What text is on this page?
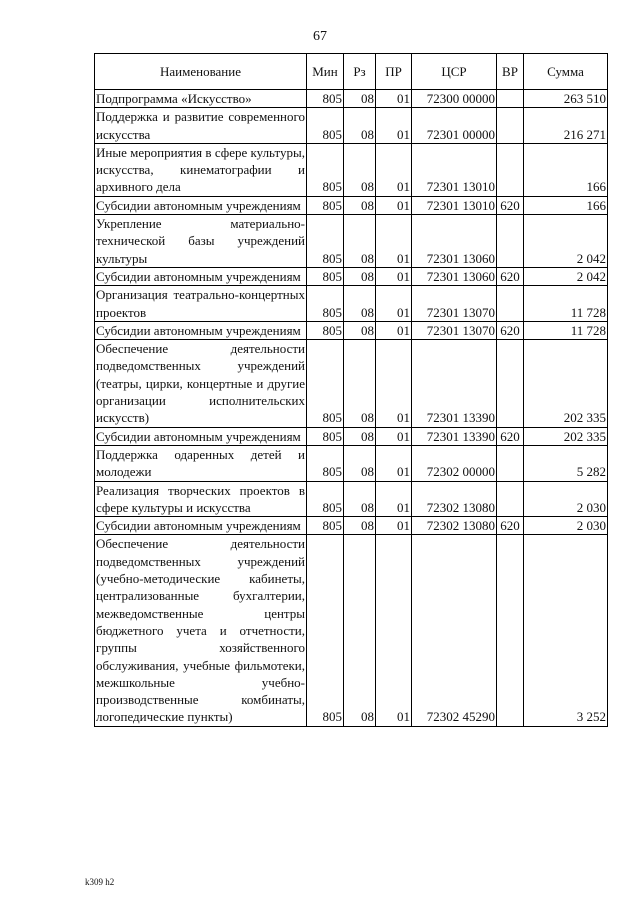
67
Наименование	Мин	Рз	ПР	ЦСР	ВР	Сумма
Подпрограмма «Искусство»	805	08	01	72300 00000		263 510
Поддержка и развитие современного искусства	805	08	01	72301 00000		216 271
Иные мероприятия в сфере культуры, искусства, кинематографии и архивного дела	805	08	01	72301 13010		166
Субсидии автономным учреждениям	805	08	01	72301 13010	620	166
Укрепление материально-технической базы учреждений культуры	805	08	01	72301 13060		2 042
Субсидии автономным учреждениям	805	08	01	72301 13060	620	2 042
Организация театрально-концертных проектов	805	08	01	72301 13070		11 728
Субсидии автономным учреждениям	805	08	01	72301 13070	620	11 728
Обеспечение деятельности подведомственных учреждений (театры, цирки, концертные и другие организации исполнительских искусств)	805	08	01	72301 13390		202 335
Субсидии автономным учреждениям	805	08	01	72301 13390	620	202 335
Поддержка одаренных детей и молодежи	805	08	01	72302 00000		5 282
Реализация творческих проектов в сфере культуры и искусства	805	08	01	72302 13080		2 030
Субсидии автономным учреждениям	805	08	01	72302 13080	620	2 030
Обеспечение деятельности подведомственных учреждений (учебно-методические кабинеты, централизованные бухгалтерии, межведомственные центры бюджетного учета и отчетности, группы хозяйственного обслуживания, учебные фильмотеки, межшкольные учебно-производственные комбинаты, логопедические пункты)	805	08	01	72302 45290		3 252
k309 h2
